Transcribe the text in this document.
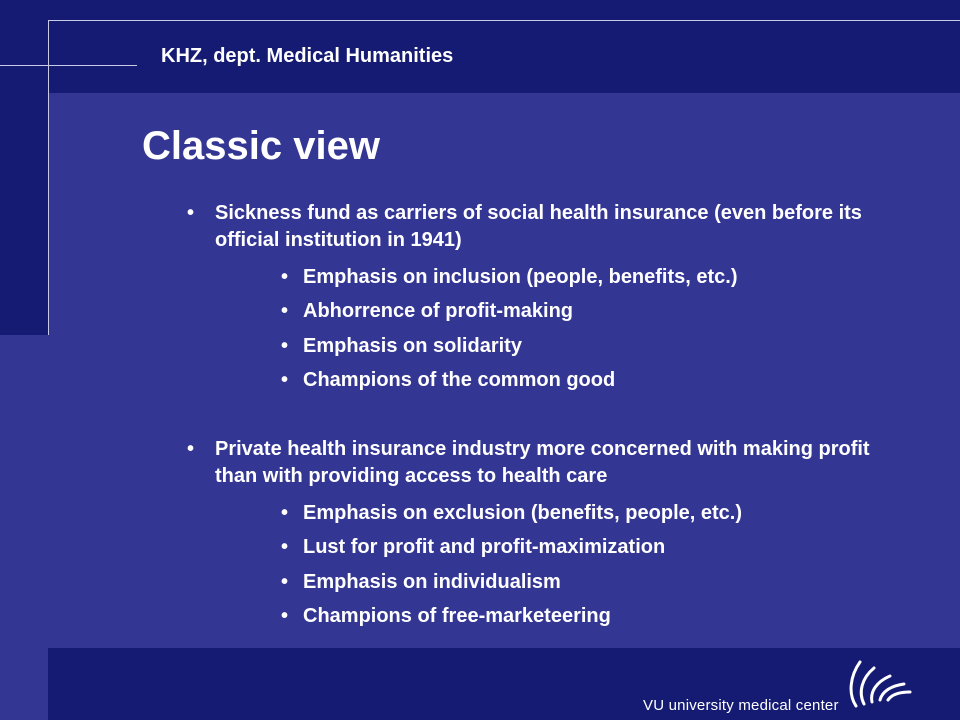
KHZ, dept. Medical Humanities
Classic view
• Sickness fund as carriers of social health insurance (even before its official institution in 1941)
• Emphasis on inclusion (people, benefits, etc.)
• Abhorrence of profit-making
• Emphasis on solidarity
• Champions of the common good
• Private health insurance industry more concerned with making profit than with providing access to health care
• Emphasis on exclusion (benefits, people, etc.)
• Lust for profit and profit-maximization
• Emphasis on individualism
• Champions of free-marketeering
VU university medical center
